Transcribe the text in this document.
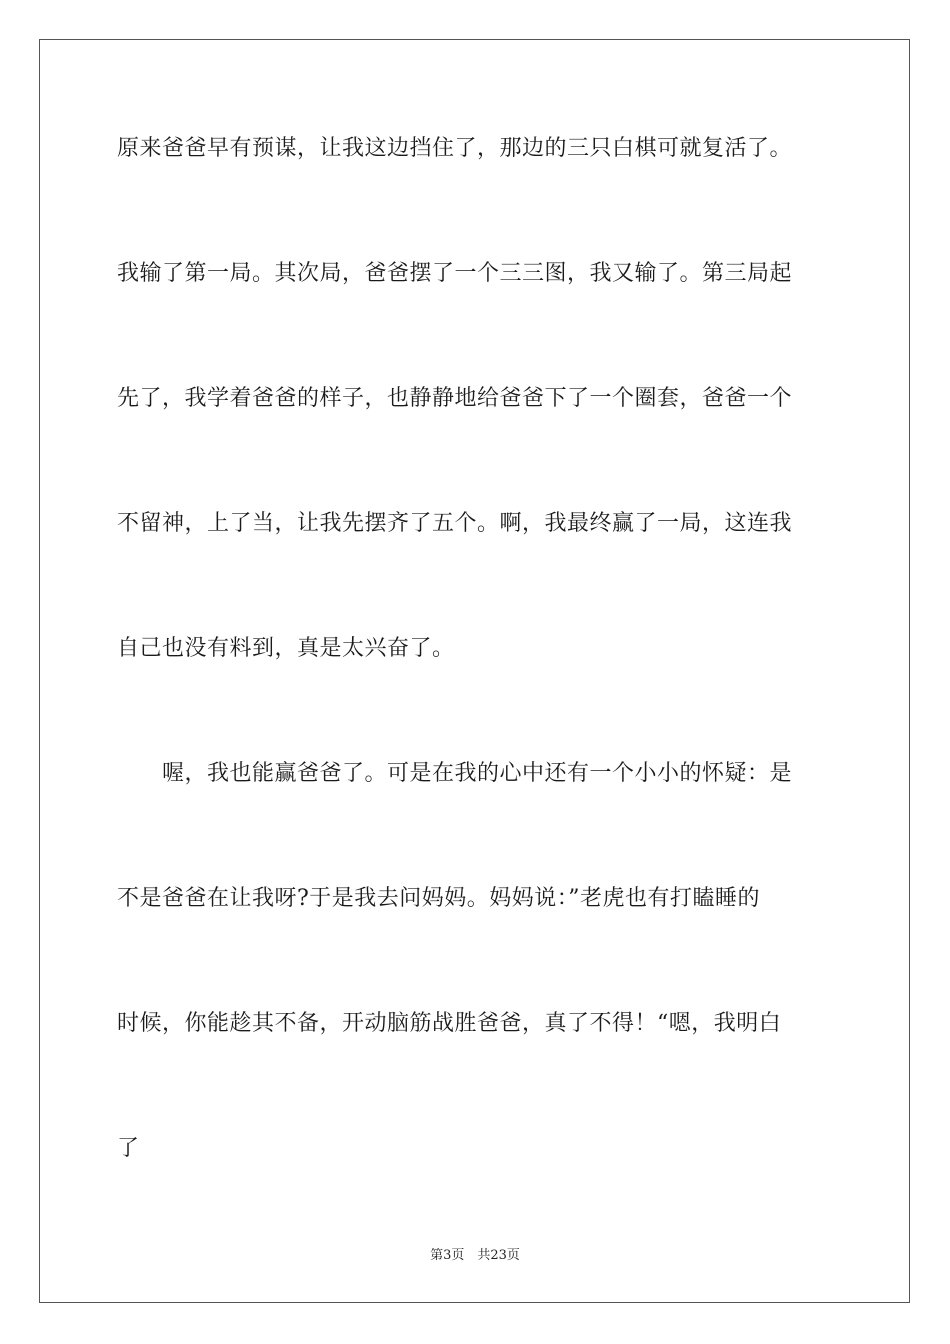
原来爸爸早有预谋，让我这边挡住了，那边的三只白棋可就复活了。
我输了第一局。其次局，爸爸摆了一个三三图，我又输了。第三局起
先了，我学着爸爸的样子，也静静地给爸爸下了一个圈套，爸爸一个
不留神，上了当，让我先摆齐了五个。啊，我最终赢了一局，这连我
自己也没有料到，真是太兴奋了。
　　喔，我也能赢爸爸了。可是在我的心中还有一个小小的怀疑：是
不是爸爸在让我呀?于是我去问妈妈。妈妈说：”老虎也有打瞌睡的
时候，你能趁其不备，开动脑筋战胜爸爸，真了不得！“嗯，我明白
了
第3页　共23页
